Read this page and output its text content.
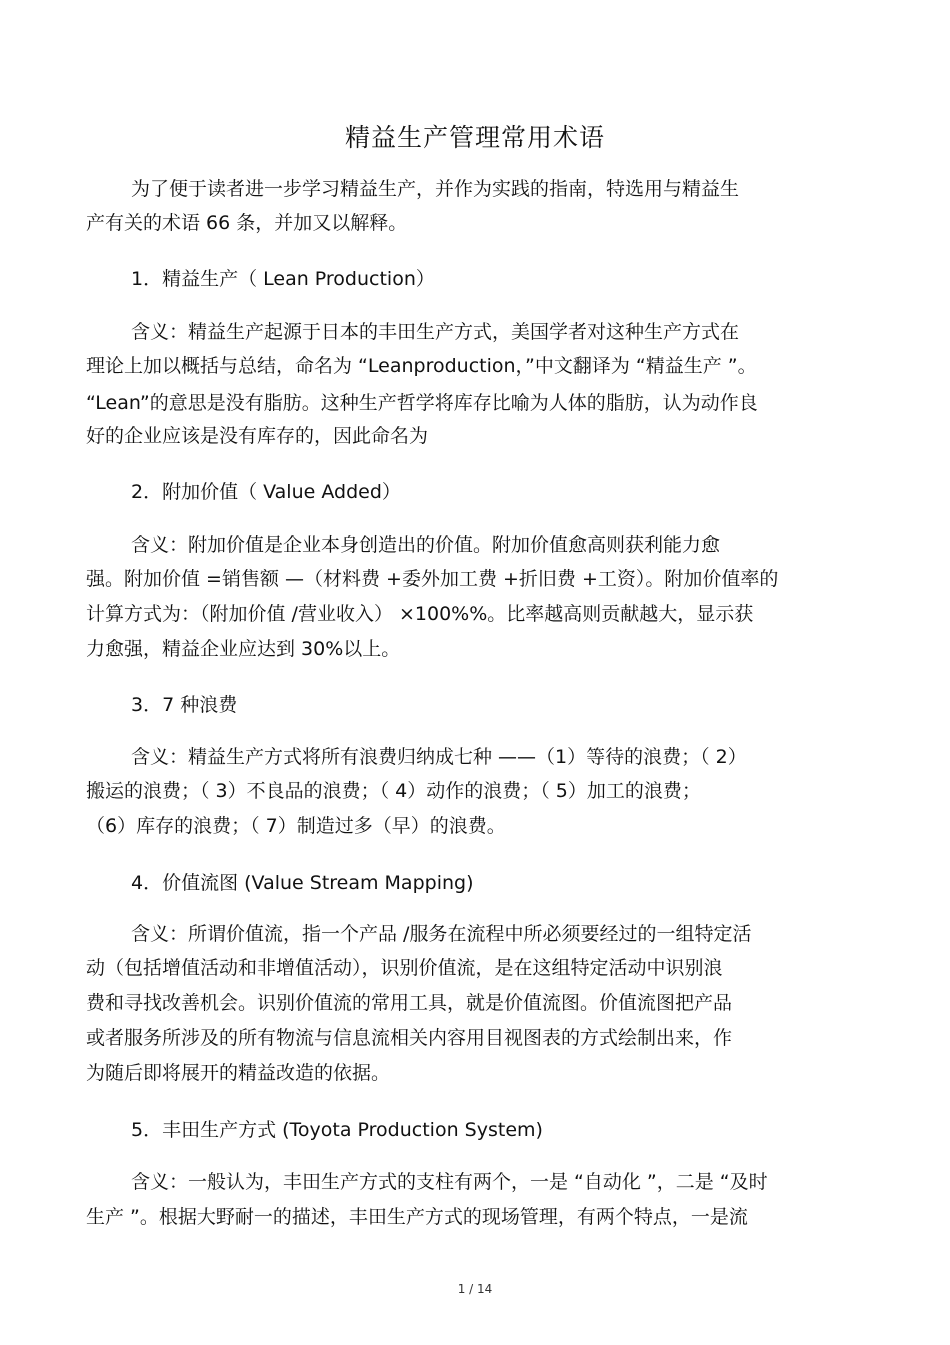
精益生产管理常用术语
为了便于读者进一步学习精益生产，并作为实践的指南，特选用与精益生
产有关的术语 66 条，并加又以解释。
1．精益生产（ Lean Production）
含义：精益生产起源于日本的丰田生产方式，美国学者对这种生产方式在
理论上加以概括与总结，命名为 “Leanproduction，”中文翻译为 “精益生产 ”。
“Lean”的意思是没有脂肪。这种生产哲学将库存比喻为人体的脂肪，认为动作良
好的企业应该是没有库存的，因此命名为
2．附加价值（ Value Added）
含义：附加价值是企业本身创造出的价值。附加价值愈高则获利能力愈
强。附加价值 =销售额 —（材料费 +委外加工费 +折旧费 +工资）。附加价值率的
计算方式为：（附加价值 /营业收入） ×100%%。比率越高则贡献越大，显示获
力愈强，精益企业应达到 30%以上。
3．7 种浪费
含义：精益生产方式将所有浪费归纳成七种 ——（1）等待的浪费；（ 2）
搬运的浪费；（ 3）不良品的浪费；（ 4）动作的浪费；（ 5）加工的浪费；
（6）库存的浪费；（ 7）制造过多（早）的浪费。
4．价值流图 (Value Stream Mapping)
含义：所谓价值流，指一个产品 /服务在流程中所必须要经过的一组特定活
动（包括增值活动和非增值活动），识别价值流，是在这组特定活动中识别浪
费和寻找改善机会。识别价值流的常用工具，就是价值流图。价值流图把产品
或者服务所涉及的所有物流与信息流相关内容用目视图表的方式绘制出来，作
为随后即将展开的精益改造的依据。
5．丰田生产方式 (Toyota Production System)
含义：一般认为，丰田生产方式的支柱有两个，一是 “自动化 ”，二是 “及时
生产 ”。根据大野耐一的描述，丰田生产方式的现场管理，有两个特点，一是流
1 / 14
